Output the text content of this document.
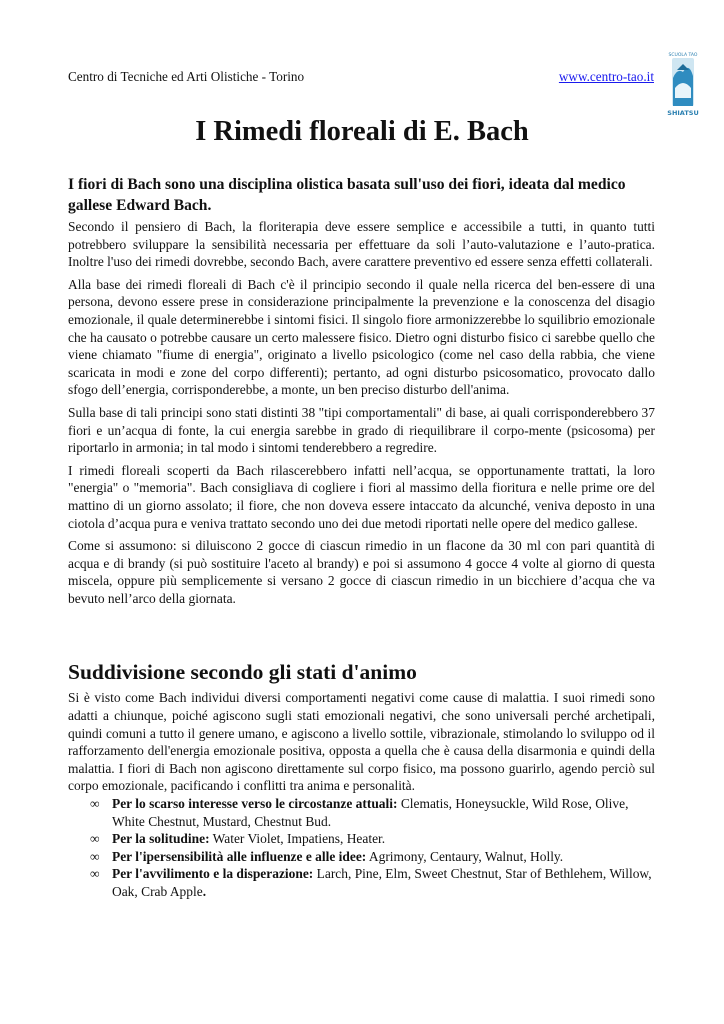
Centro di Tecniche ed Arti Olistiche - Torino	www.centro-tao.it
SCUOLA TAO
SHIATSU
I Rimedi floreali di E. Bach
I fiori di Bach sono una disciplina olistica basata sull'uso dei fiori, ideata dal medico gallese Edward Bach.

Secondo il pensiero di Bach, la floriterapia deve essere semplice e accessibile a tutti, in quanto tutti potrebbero sviluppare la sensibilità necessaria per effettuare da soli l’auto-valutazione e l’auto-pratica. Inoltre l'uso dei rimedi dovrebbe, secondo Bach, avere carattere preventivo ed essere senza effetti collaterali.

Alla base dei rimedi floreali di Bach c'è il principio secondo il quale nella ricerca del ben-essere di una persona, devono essere prese in considerazione principalmente la prevenzione e la conoscenza del disagio emozionale, il quale determinerebbe i sintomi fisici. Il singolo fiore armonizzerebbe lo squilibrio emozionale che ha causato o potrebbe causare un certo malessere fisico. Dietro ogni disturbo fisico ci sarebbe quello che viene chiamato "fiume di energia", originato a livello psicologico (come nel caso della rabbia, che viene scaricata in modi e zone del corpo differenti); pertanto, ad ogni disturbo psicosomatico, provocato dallo sfogo dell’energia, corrisponderebbe, a monte, un ben preciso disturbo dell'anima.

Sulla base di tali principi sono stati distinti 38 "tipi comportamentali" di base, ai quali corrisponderebbero 37 fiori e un’acqua di fonte, la cui energia sarebbe in grado di riequilibrare il corpo-mente (psicosoma) per riportarlo in armonia; in tal modo i sintomi tenderebbero a regredire.

I rimedi floreali scoperti da Bach rilascerebbero infatti nell’acqua, se opportunamente trattati, la loro "energia" o "memoria". Bach consigliava di cogliere i fiori al massimo della fioritura e nelle prime ore del mattino di un giorno assolato; il fiore, che non doveva essere intaccato da alcunché, veniva deposto in una ciotola d’acqua pura e veniva trattato secondo uno dei due metodi riportati nelle opere del medico gallese.

Come si assumono: si diluiscono 2 gocce di ciascun rimedio in un flacone da 30 ml con pari quantità di acqua e di brandy (si può sostituire l'aceto al brandy) e poi si assumono 4 gocce 4 volte al giorno di questa miscela, oppure più semplicemente si versano 2 gocce di ciascun rimedio in un bicchiere d’acqua che va bevuto nell’arco della giornata.

Suddivisione secondo gli stati d'animo

Si è visto come Bach individui diversi comportamenti negativi come cause di malattia. I suoi rimedi sono adatti a chiunque, poiché agiscono sugli stati emozionali negativi, che sono universali perché archetipali, quindi comuni a tutto il genere umano, e agiscono a livello sottile, vibrazionale, stimolando lo sviluppo od il rafforzamento dell'energia emozionale positiva, opposta a quella che è causa della disarmonia e quindi della malattia. I fiori di Bach non agiscono direttamente sul corpo fisico, ma possono guarirlo, agendo perciò sul corpo emozionale, pacificando i conflitti tra anima e personalità.

∞ Per lo scarso interesse verso le circostanze attuali: Clematis, Honeysuckle, Wild Rose, Olive, White Chestnut, Mustard, Chestnut Bud.
∞ Per la solitudine: Water Violet, Impatiens, Heater.
∞ Per l'ipersensibilità alle influenze e alle idee: Agrimony, Centaury, Walnut, Holly.
∞ Per l'avvilimento e la disperazione: Larch, Pine, Elm, Sweet Chestnut, Star of Bethlehem, Willow, Oak, Crab Apple.
